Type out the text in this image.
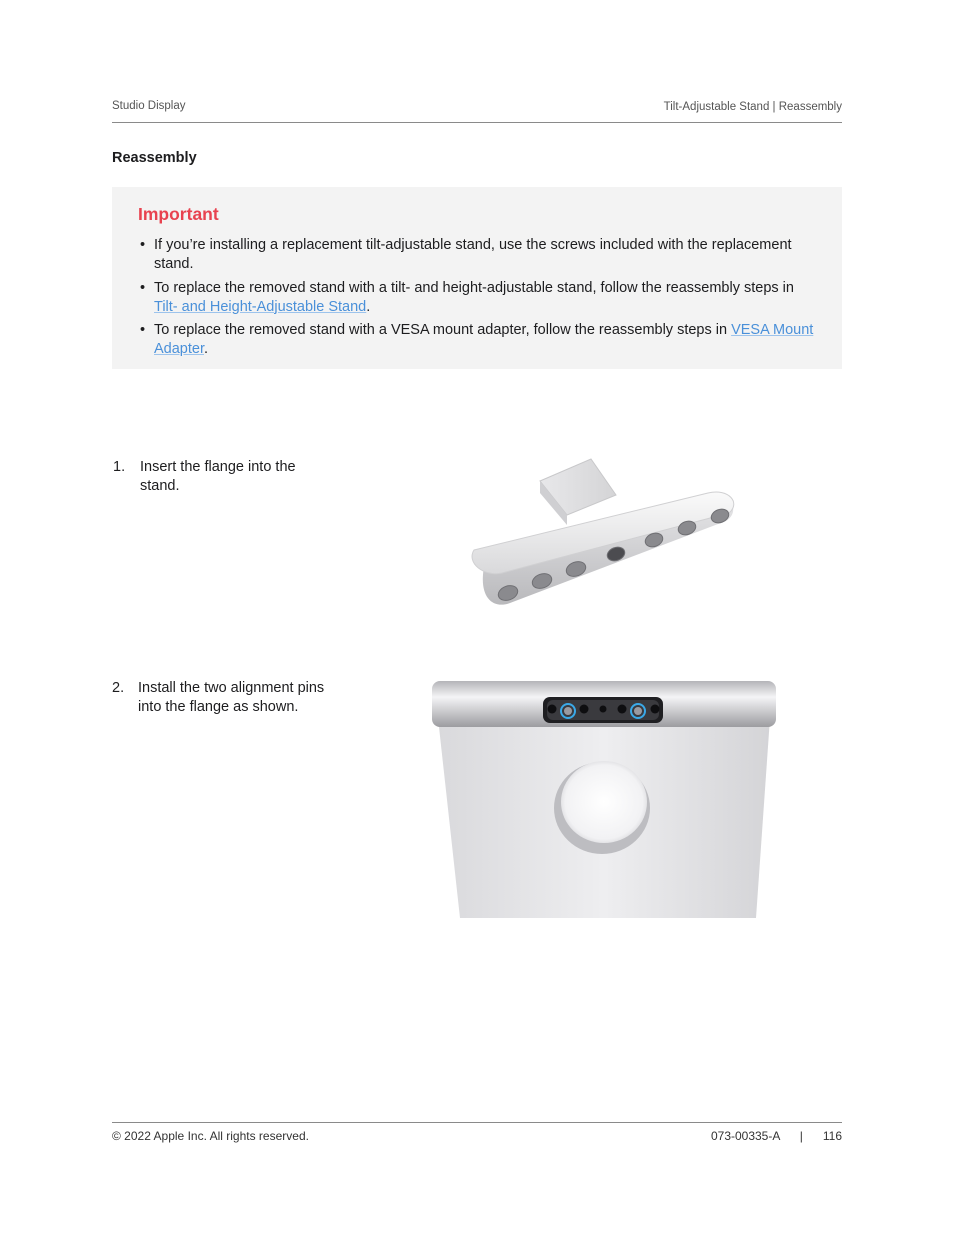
Studio Display	Tilt-Adjustable Stand | Reassembly
Reassembly
Important
• If you’re installing a replacement tilt-adjustable stand, use the screws included with the replacement stand.
• To replace the removed stand with a tilt- and height-adjustable stand, follow the reassembly steps in Tilt- and Height-Adjustable Stand.
• To replace the removed stand with a VESA mount adapter, follow the reassembly steps in VESA Mount Adapter.
1. Insert the flange into the stand.
2. Install the two alignment pins into the flange as shown.
© 2022 Apple Inc. All rights reserved.	073-00335-A | 116
